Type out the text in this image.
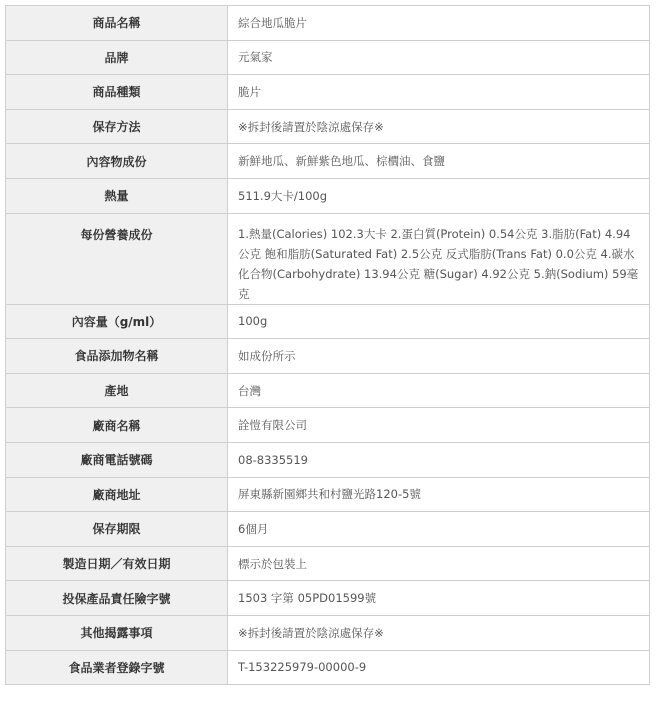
商品名稱	綜合地瓜脆片
品牌	元氣家
商品種類	脆片
保存方法	※拆封後請置於陰涼處保存※
內容物成份	新鮮地瓜、新鮮紫色地瓜、棕櫚油、食鹽
熱量	511.9大卡/100g
每份營養成份	1.熱量(Calories) 102.3大卡 2.蛋白質(Protein) 0.54公克 3.脂肪(Fat) 4.94公克 飽和脂肪(Saturated Fat) 2.5公克 反式脂肪(Trans Fat) 0.0公克 4.碳水化合物(Carbohydrate) 13.94公克 糖(Sugar) 4.92公克 5.鈉(Sodium) 59毫克
內容量（g/ml）	100g
食品添加物名稱	如成份所示
產地	台灣
廠商名稱	詮愷有限公司
廠商電話號碼	08-8335519
廠商地址	屏東縣新園鄉共和村鹽光路120-5號
保存期限	6個月
製造日期／有效日期	標示於包裝上
投保產品責任險字號	1503 字第 05PD01599號
其他揭露事項	※拆封後請置於陰涼處保存※
食品業者登錄字號	T-153225979-00000-9
